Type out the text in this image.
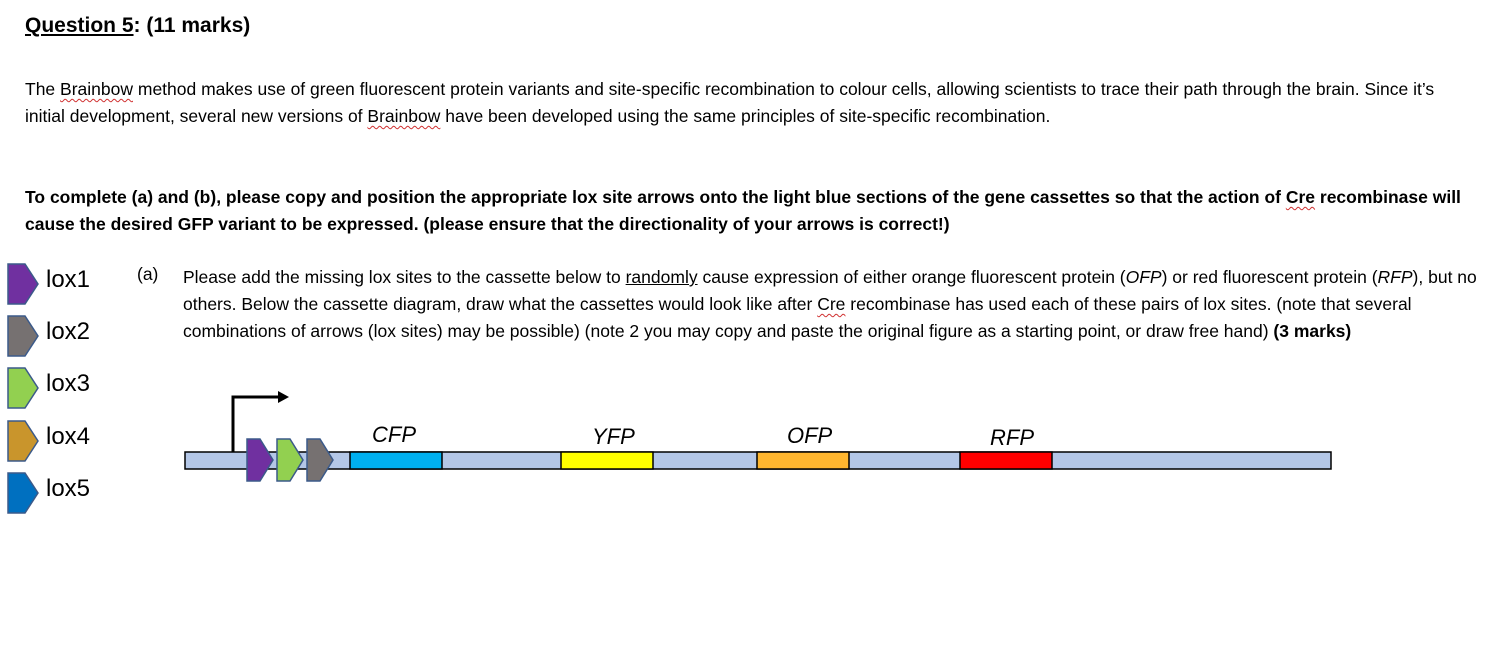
Question 5: (11 marks)
The Brainbow method makes use of green fluorescent protein variants and site-specific recombination to colour cells, allowing scientists to trace their path through the brain. Since it’s initial development, several new versions of Brainbow have been developed using the same principles of site-specific recombination.
To complete (a) and (b), please copy and position the appropriate lox site arrows onto the light blue sections of the gene cassettes so that the action of Cre recombinase will cause the desired GFP variant to be expressed. (please ensure that the directionality of your arrows is correct!)
lox1
lox2
lox3
lox4
lox5
(a) Please add the missing lox sites to the cassette below to randomly cause expression of either orange fluorescent protein (OFP) or red fluorescent protein (RFP), but no others. Below the cassette diagram, draw what the cassettes would look like after Cre recombinase has used each of these pairs of lox sites. (note that several combinations of arrows (lox sites) may be possible) (note 2 you may copy and paste the original figure as a starting point, or draw free hand) (3 marks)
CFP	YFP	OFP	RFP
